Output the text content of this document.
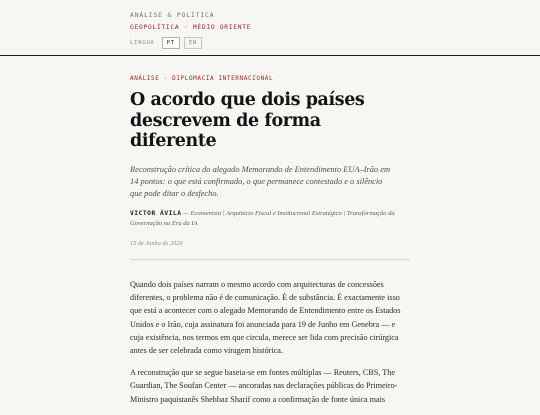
ANÁLISE & POLÍTICA
GEOPOLÍTICA · MÉDIO ORIENTE
LÍNGUA	PT	EN
ANÁLISE · DIPLOMACIA INTERNACIONAL
O acordo que dois países descrevem de forma diferente

Reconstrução crítica do alegado Memorando de Entendimento EUA–Irão em 14 pontos: o que está confirmado, o que permanece contestado e o silêncio que pode ditar o desfecho.

VICTOR ÁVILA — Economista | Arquitecto Fiscal e Institucional Estratégico | Transformação da Governação na Era da IA
15 de Junho de 2026

Quando dois países narram o mesmo acordo com arquitecturas de concessões diferentes, o problema não é de comunicação. É de substância. É exactamente isso que está a acontecer com o alegado Memorando de Entendimento entre os Estados Unidos e o Irão, cuja assinatura foi anunciada para 19 de Junho em Genebra — e cuja existência, nos termos em que circula, merece ser lida com precisão cirúrgica antes de ser celebrada como viragem histórica.

A reconstrução que se segue baseia-se em fontes múltiplas — Reuters, CBS, The Guardian, The Soufan Center — ancoradas nas declarações públicas do Primeiro-Ministro paquistanês Shehbaz Sharif como a confirmação de fonte única mais
